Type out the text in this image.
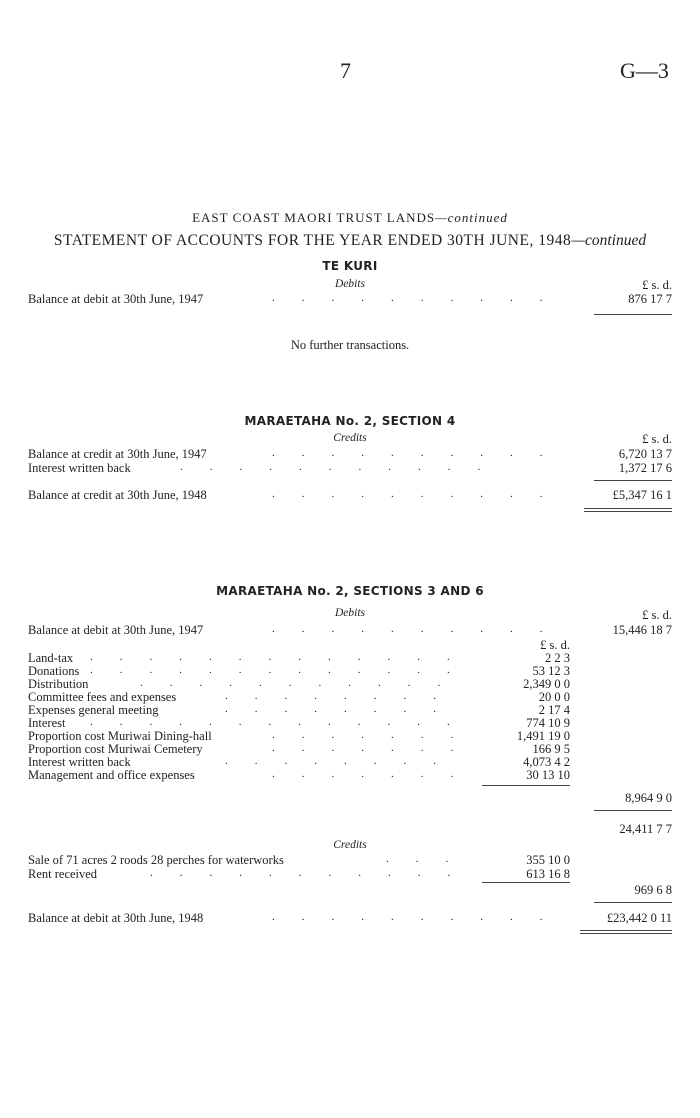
7	G—3
EAST COAST MAORI TRUST LANDS—continued
STATEMENT OF ACCOUNTS FOR THE YEAR ENDED 30TH JUNE, 1948—continued
TE KURI
Debits	£ s. d.
Balance at debit at 30th June, 1947	..........	876 17 7
No further transactions.
MARAETAHA No. 2, SECTION 4
Credits	£ s. d.
Balance at credit at 30th June, 1947	..........	6,720 13 7
Interest written back	...........	1,372 17 6
Balance at credit at 30th June, 1948	..........	£5,347 16 1
MARAETAHA No. 2, SECTIONS 3 AND 6
Debits	£ s. d.
Balance at debit at 30th June, 1947	..........	15,446 18 7
£ s. d.
Land-tax .............	2 2 3
Donations .............	53 12 3
Distribution	...........	2,349 0 0
Committee fees and expenses	........	20 0 0
Expenses general meeting	........	2 17 4
Interest .............	774 10 9
Proportion cost Muriwai Dining-hall	.......	1,491 19 0
Proportion cost Muriwai Cemetery	.......	166 9 5
Interest written back	........	4,073 4 2
Management and office expenses	.......	30 13 10
8,964 9 0
24,411 7 7
Credits
Sale of 71 acres 2 roods 28 perches for waterworks	...	355 10 0
Rent received	...........	613 16 8
969 6 8
Balance at debit at 30th June, 1948	..........	£23,442 0 11
